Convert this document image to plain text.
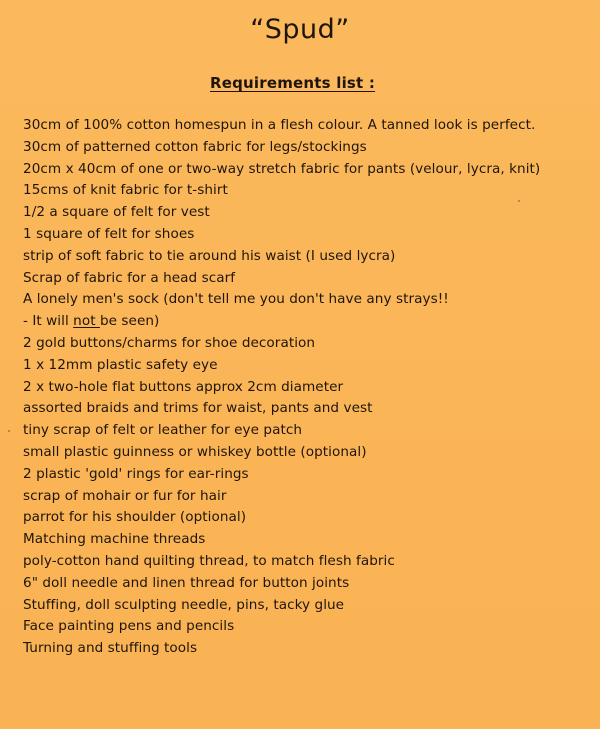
“Spud”
Requirements list :
30cm of 100% cotton homespun in a flesh colour. A tanned look is perfect.
30cm of patterned cotton fabric for legs/stockings
20cm x 40cm of one or two-way stretch fabric for pants (velour, lycra, knit)
15cms of knit fabric for t-shirt
1/2 a square of felt for vest
1 square of felt for shoes
strip of soft fabric to tie around his waist (I used lycra)
Scrap of fabric for a head scarf
A lonely men's sock (don't tell me you don't have any strays!!
- It will not be seen)
2 gold buttons/charms for shoe decoration
1 x 12mm plastic safety eye
2 x two-hole flat buttons approx 2cm diameter
assorted braids and trims for waist, pants and vest
tiny scrap of felt or leather for eye patch
small plastic guinness or whiskey bottle (optional)
2 plastic 'gold' rings for ear-rings
scrap of mohair or fur for hair
parrot for his shoulder (optional)
Matching machine threads
poly-cotton hand quilting thread, to match flesh fabric
6" doll needle and linen thread for button joints
Stuffing, doll sculpting needle, pins, tacky glue
Face painting pens and pencils
Turning and stuffing tools
